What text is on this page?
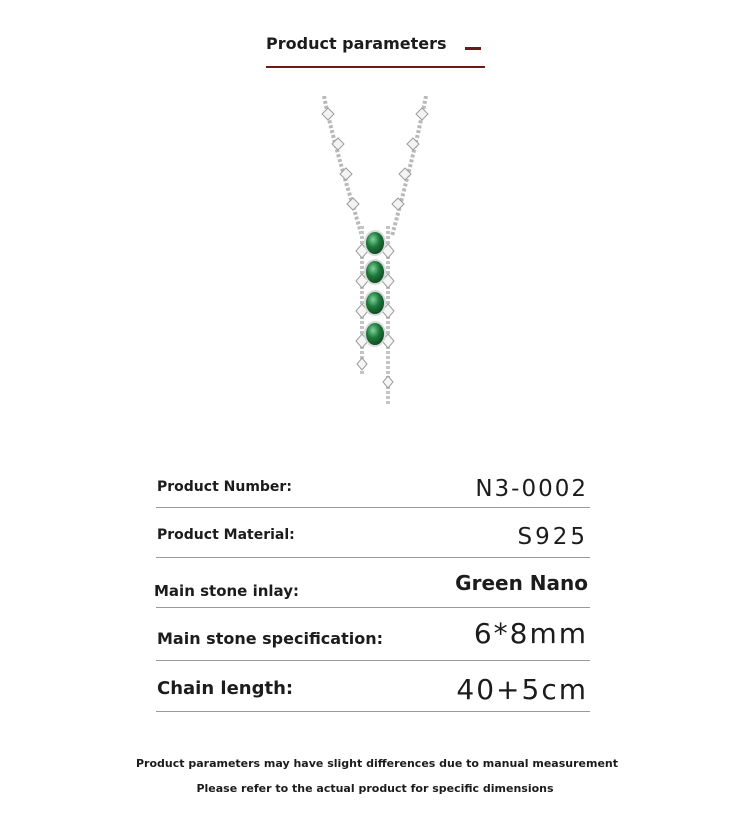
Product parameters
Product Number:	N3-0002
Product Material:	S925
Main stone inlay:	Green Nano
Main stone specification:	6*8mm
Chain length:	40+5cm
Product parameters may have slight differences due to manual measurement
Please refer to the actual product for specific dimensions
